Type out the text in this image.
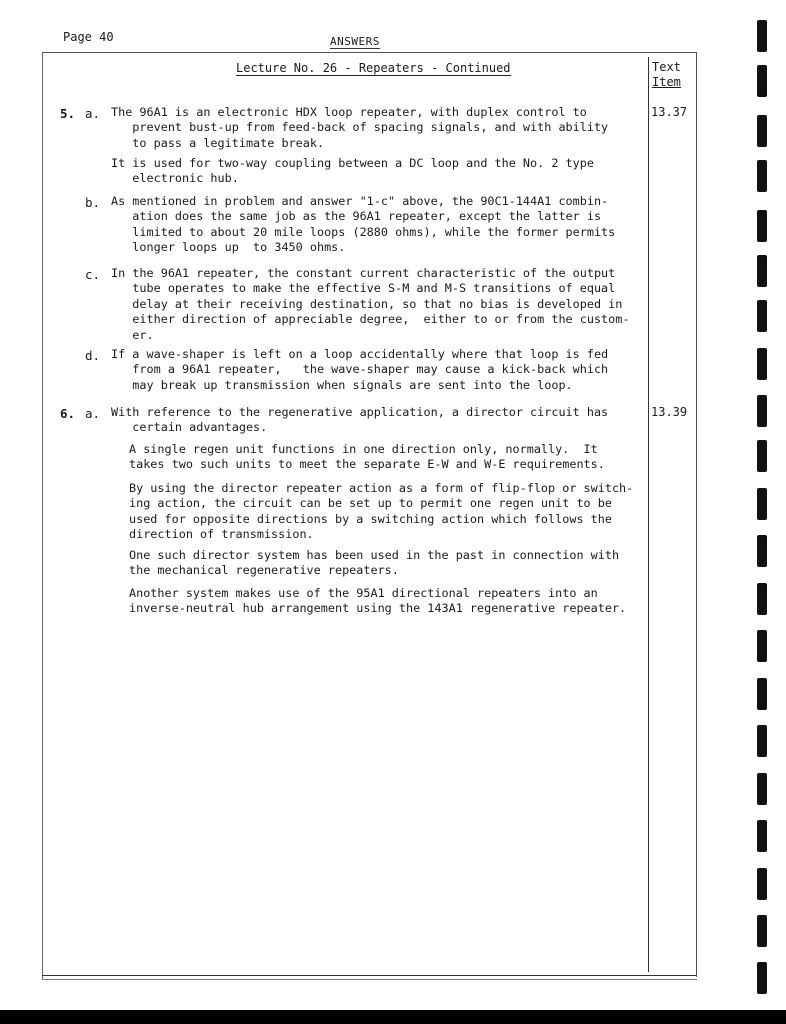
Page 40	ANSWERS
Lecture No. 26 - Repeaters - Continued	Text
Item
5.	13.37
a. The 96A1 is an electronic HDX loop repeater, with duplex control to
prevent bust-up from feed-back of spacing signals, and with ability
to pass a legitimate break.
It is used for two-way coupling between a DC loop and the No. 2 type
electronic hub.
b. As mentioned in problem and answer "1-c" above, the 90C1-144A1 combin-
ation does the same job as the 96A1 repeater, except the latter is
limited to about 20 mile loops (2880 ohms), while the former permits
longer loops up  to 3450 ohms.
c. In the 96A1 repeater, the constant current characteristic of the output
tube operates to make the effective S-M and M-S transitions of equal
delay at their receiving destination, so that no bias is developed in
either direction of appreciable degree,  either to or from the custom-
er.
d. If a wave-shaper is left on a loop accidentally where that loop is fed
from a 96A1 repeater,   the wave-shaper may cause a kick-back which
may break up transmission when signals are sent into the loop.
6.	13.39
a. With reference to the regenerative application, a director circuit has
certain advantages.
A single regen unit functions in one direction only, normally.  It
takes two such units to meet the separate E-W and W-E requirements.
By using the director repeater action as a form of flip-flop or switch-
ing action, the circuit can be set up to permit one regen unit to be
used for opposite directions by a switching action which follows the
direction of transmission.
One such director system has been used in the past in connection with
the mechanical regenerative repeaters.
Another system makes use of the 95A1 directional repeaters into an
inverse-neutral hub arrangement using the 143A1 regenerative repeater.
